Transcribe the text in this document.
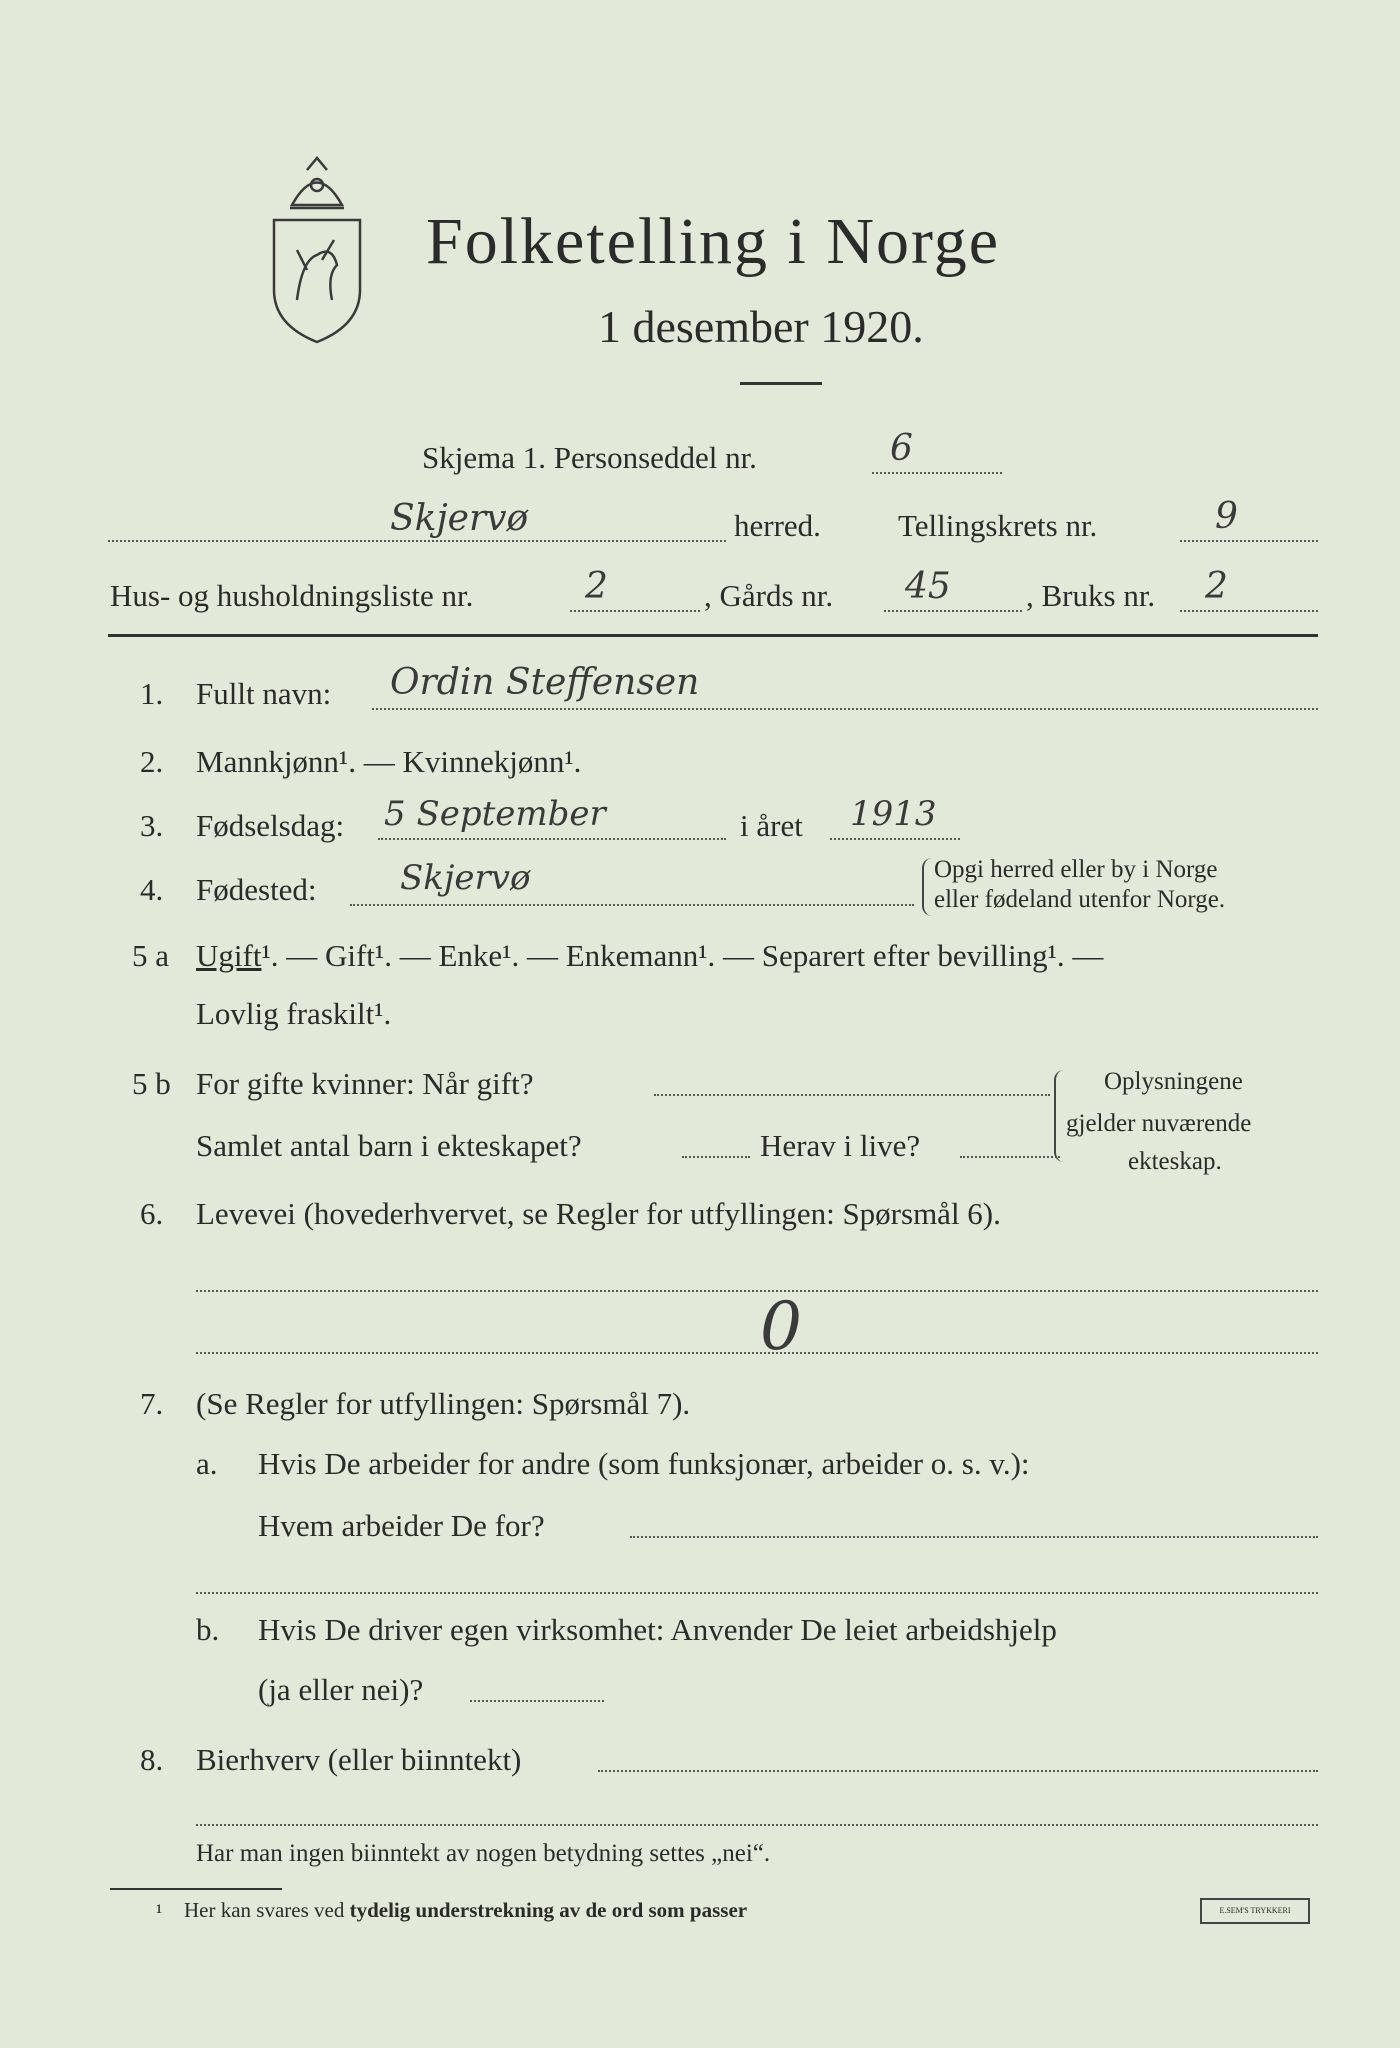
Folketelling i Norge
1 desember 1920.
Skjema 1. Personseddel nr.	6
Skjervø	herred. Tellingskrets nr.	9
Hus- og husholdningsliste nr.	2	, Gårds nr. 45 , Bruks nr. 2
1. Fullt navn: Ordin Steffensen
2. Mannkjønn¹. — Kvinnekjønn¹.
3. Fødselsdag: 5 September	i året 1913
4. Fødested: Skjervø	Opgi herred eller by i Norge
eller fødeland utenfor Norge.
5 a Ugift¹. — Gift¹. — Enke¹. — Enkemann¹. — Separert efter bevilling¹. —
Lovlig fraskilt¹.
5 b For gifte kvinner: Når gift?
Samlet antal barn i ekteskapet?	Herav i live?
Oplysningene
gjelder nuværende
ekteskap.
6. Levevei (hovederhvervet, se Regler for utfyllingen: Spørsmål 6).
0
7. (Se Regler for utfyllingen: Spørsmål 7).
a. Hvis De arbeider for andre (som funksjonær, arbeider o. s. v.):
Hvem arbeider De for?
b. Hvis De driver egen virksomhet: Anvender De leiet arbeidshjelp
(ja eller nei)?
8. Bierhverv (eller biinntekt)
Har man ingen biinntekt av nogen betydning settes „nei“.
¹ Her kan svares ved tydelig understrekning av de ord som passer	E.SEM'S TRYKKERI
